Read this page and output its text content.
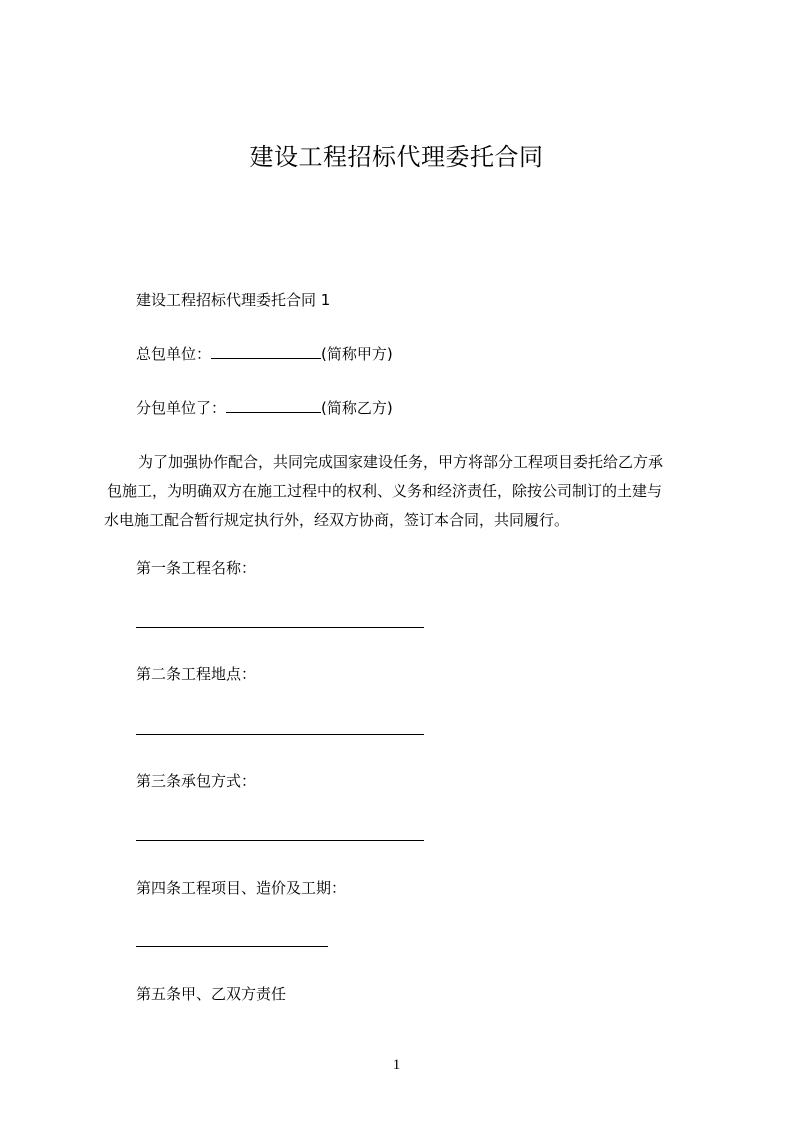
建设工程招标代理委托合同
建设工程招标代理委托合同 1
总包单位：	(简称甲方)
分包单位了：	(简称乙方)
为了加强协作配合，共同完成国家建设任务，甲方将部分工程项目委托给乙方承
包施工，为明确双方在施工过程中的权利、义务和经济责任，除按公司制订的土建与
水电施工配合暂行规定执行外，经双方协商，签订本合同，共同履行。
第一条工程名称：
第二条工程地点：
第三条承包方式：
第四条工程项目、造价及工期：
第五条甲、乙双方责任
1
